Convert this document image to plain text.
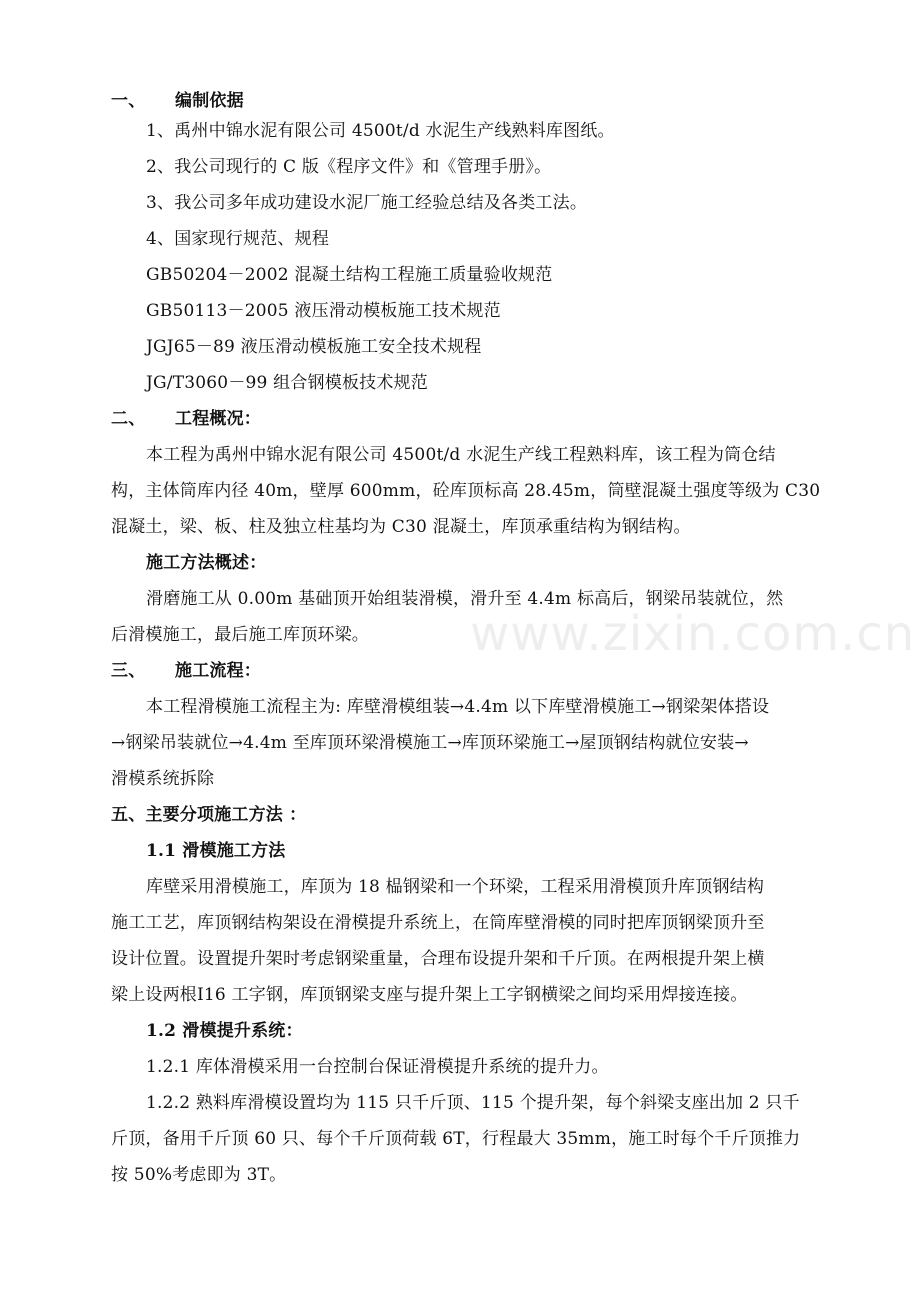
一、 编制依据
1、禹州中锦水泥有限公司 4500t/d 水泥生产线熟料库图纸。
2、我公司现行的 C 版《程序文件》和《管理手册》。
3、我公司多年成功建设水泥厂施工经验总结及各类工法。
4、国家现行规范、规程
GB50204－2002 混凝土结构工程施工质量验收规范
GB50113－2005 液压滑动模板施工技术规范
JGJ65－89 液压滑动模板施工安全技术规程
JG/T3060－99 组合钢模板技术规范
二、 工程概况：
本工程为禹州中锦水泥有限公司 4500t/d 水泥生产线工程熟料库，该工程为筒仓结
构，主体筒库内径 40m，壁厚 600mm，砼库顶标高 28.45m，筒壁混凝土强度等级为 C30
混凝土，梁、板、柱及独立柱基均为 C30 混凝土，库顶承重结构为钢结构。
施工方法概述：
滑磨施工从 0.00m 基础顶开始组装滑模，滑升至 4.4m 标高后，钢梁吊装就位，然
后滑模施工，最后施工库顶环梁。
三、 施工流程：
本工程滑模施工流程主为: 库壁滑模组装→4.4m 以下库壁滑模施工→钢梁架体搭设
→钢梁吊装就位→4.4m 至库顶环梁滑模施工→库顶环梁施工→屋顶钢结构就位安装→
滑模系统拆除
五、主要分项施工方法 ：
1.1 滑模施工方法
库壁采用滑模施工，库顶为 18 榀钢梁和一个环梁，工程采用滑模顶升库顶钢结构
施工工艺，库顶钢结构架设在滑模提升系统上，在筒库壁滑模的同时把库顶钢梁顶升至
设计位置。设置提升架时考虑钢梁重量，合理布设提升架和千斤顶。在两根提升架上横
梁上设两根Ⅰ16 工字钢，库顶钢梁支座与提升架上工字钢横梁之间均采用焊接连接。
1.2 滑模提升系统：
1.2.1 库体滑模采用一台控制台保证滑模提升系统的提升力。
1.2.2 熟料库滑模设置均为 115 只千斤顶、115 个提升架，每个斜梁支座出加 2 只千
斤顶，备用千斤顶 60 只、每个千斤顶荷载 6T，行程最大 35mm，施工时每个千斤顶推力
按 50%考虑即为 3T。
www.zixin.com.cn
